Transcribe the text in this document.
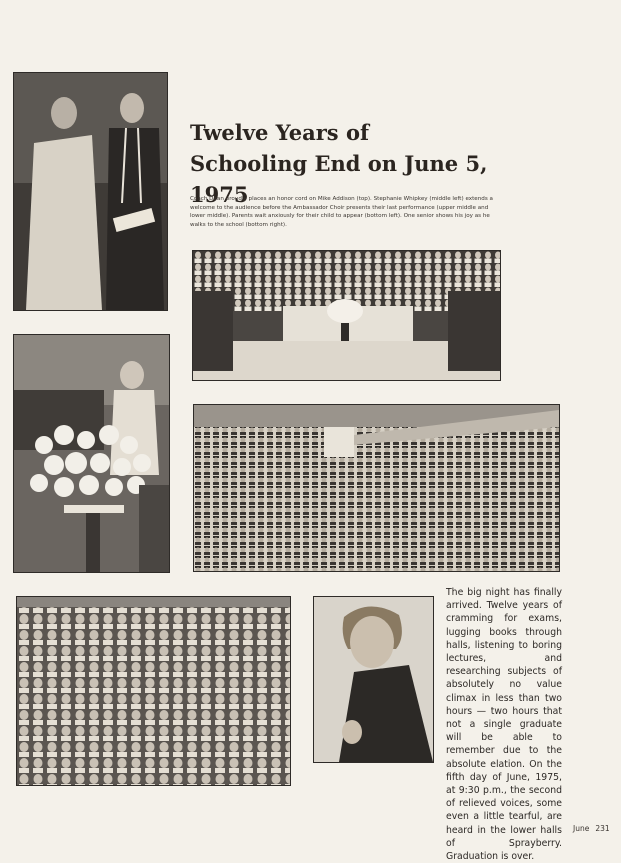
Twelve Years of Schooling End on June 5, 1975

Coach Dean proudly places an honor cord on Mike Addison (top). Stephanie Whipkey (middle left) extends a welcome to the audience before the Ambassador Choir presents their last performance (upper middle and lower middle). Parents wait anxiously for their child to appear (bottom left). One senior shows his joy as he walks to the school (bottom right).

The big night has finally arrived. Twelve years of cramming for exams, lugging books through halls, listening to boring lectures, and researching subjects of absolutely no value climax in less than two hours — two hours that not a single graduate will be able to remember due to the absolute elation. On the fifth day of June, 1975, at 9:30 p.m., the second of relieved voices, some even a little tearful, are heard in the lower halls of Sprayberry. Graduation is over.

June 231
